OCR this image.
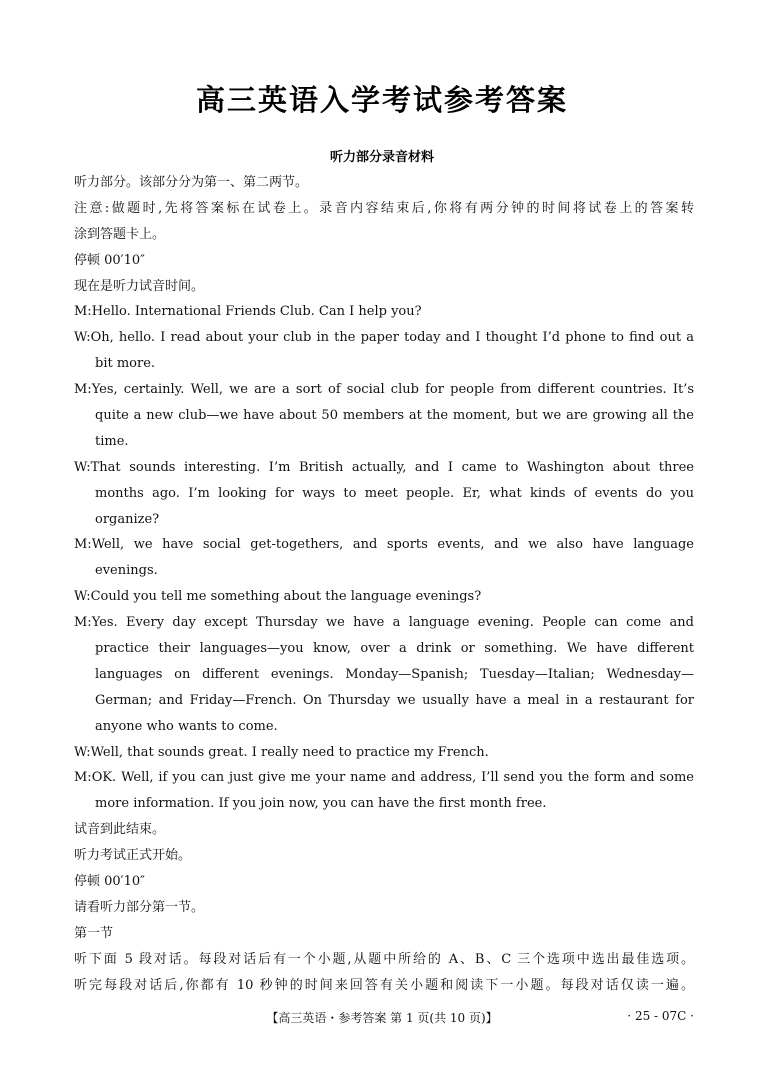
高三英语入学考试参考答案
听力部分录音材料
听力部分。该部分分为第一、第二两节。
注意:做题时,先将答案标在试卷上。录音内容结束后,你将有两分钟的时间将试卷上的答案转
涂到答题卡上。
停顿 00′10″
现在是听力试音时间。
M:Hello. International Friends Club. Can I help you?
W:Oh, hello. I read about your club in the paper today and I thought I’d phone to find out a
bit more.
M:Yes, certainly. Well, we are a sort of social club for people from different countries. It’s
quite a new club—we have about 50 members at the moment, but we are growing all the
time.
W:That sounds interesting. I’m British actually, and I came to Washington about three
months ago. I’m looking for ways to meet people. Er, what kinds of events do you
organize?
M:Well, we have social get-togethers, and sports events, and we also have language
evenings.
W:Could you tell me something about the language evenings?
M:Yes. Every day except Thursday we have a language evening. People can come and
practice their languages—you know, over a drink or something. We have different
languages on different evenings. Monday—Spanish; Tuesday—Italian; Wednesday—
German; and Friday—French. On Thursday we usually have a meal in a restaurant for
anyone who wants to come.
W:Well, that sounds great. I really need to practice my French.
M:OK. Well, if you can just give me your name and address, I’ll send you the form and some
more information. If you join now, you can have the first month free.
试音到此结束。
听力考试正式开始。
停顿 00′10″
请看听力部分第一节。
第一节
听下面 5 段对话。每段对话后有一个小题,从题中所给的 A、B、C 三个选项中选出最佳选项。
听完每段对话后,你都有 10 秒钟的时间来回答有关小题和阅读下一小题。每段对话仅读一遍。
【高三英语・参考答案 第 1 页(共 10 页)】	· 25 - 07C ·
